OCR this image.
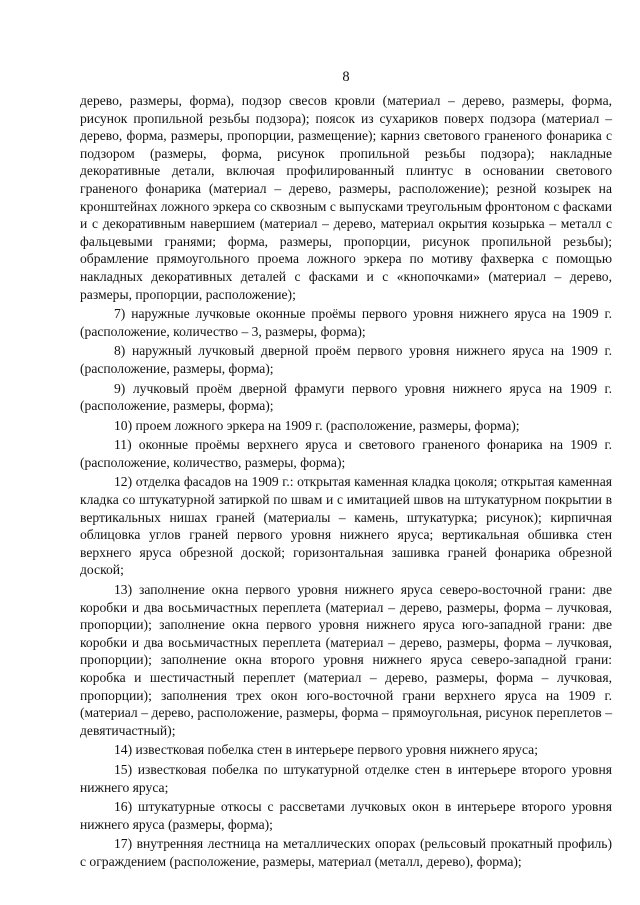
8

дерево, размеры, форма), подзор свесов кровли (материал – дерево, размеры, форма, рисунок пропильной резьбы подзора); поясок из сухариков поверх подзора (материал – дерево, форма, размеры, пропорции, размещение); карниз светового граненого фонарика с подзором (размеры, форма, рисунок пропильной резьбы подзора); накладные декоративные детали, включая профилированный плинтус в основании светового граненого фонарика (материал – дерево, размеры, расположение); резной козырек на кронштейнах ложного эркера со сквозным с выпусками треугольным фронтоном с фасками и с декоративным навершием (материал – дерево, материал окрытия козырька – металл с фальцевыми гранями; форма, размеры, пропорции, рисунок пропильной резьбы); обрамление прямоугольного проема ложного эркера по мотиву фахверка с помощью накладных декоративных деталей с фасками и с «кнопочками» (материал – дерево, размеры, пропорции, расположение);

7) наружные лучковые оконные проёмы первого уровня нижнего яруса на 1909 г. (расположение, количество – 3, размеры, форма);

8) наружный лучковый дверной проём первого уровня нижнего яруса на 1909 г. (расположение, размеры, форма);

9) лучковый проём дверной фрамуги первого уровня нижнего яруса на 1909 г. (расположение, размеры, форма);

10) проем ложного эркера на 1909 г. (расположение, размеры, форма);

11) оконные проёмы верхнего яруса и светового граненого фонарика на 1909 г. (расположение, количество, размеры, форма);

12) отделка фасадов на 1909 г.: открытая каменная кладка цоколя; открытая каменная кладка со штукатурной затиркой по швам и с имитацией швов на штукатурном покрытии в вертикальных нишах граней (материалы – камень, штукатурка; рисунок); кирпичная облицовка углов граней первого уровня нижнего яруса; вертикальная обшивка стен верхнего яруса обрезной доской; горизонтальная зашивка граней фонарика обрезной доской;

13) заполнение окна первого уровня нижнего яруса северо-восточной грани: две коробки и два восьмичастных переплета (материал – дерево, размеры, форма – лучковая, пропорции); заполнение окна первого уровня нижнего яруса юго-западной грани: две коробки и два восьмичастных переплета (материал – дерево, размеры, форма – лучковая, пропорции); заполнение окна второго уровня нижнего яруса северо-западной грани: коробка и шестичастный переплет (материал – дерево, размеры, форма – лучковая, пропорции); заполнения трех окон юго-восточной грани верхнего яруса на 1909 г. (материал – дерево, расположение, размеры, форма – прямоугольная, рисунок переплетов – девятичастный);

14) известковая побелка стен в интерьере первого уровня нижнего яруса;

15) известковая побелка по штукатурной отделке стен в интерьере второго уровня нижнего яруса;

16) штукатурные откосы с рассветами лучковых окон в интерьере второго уровня нижнего яруса (размеры, форма);

17) внутренняя лестница на металлических опорах (рельсовый прокатный профиль) с ограждением (расположение, размеры, материал (металл, дерево), форма);
